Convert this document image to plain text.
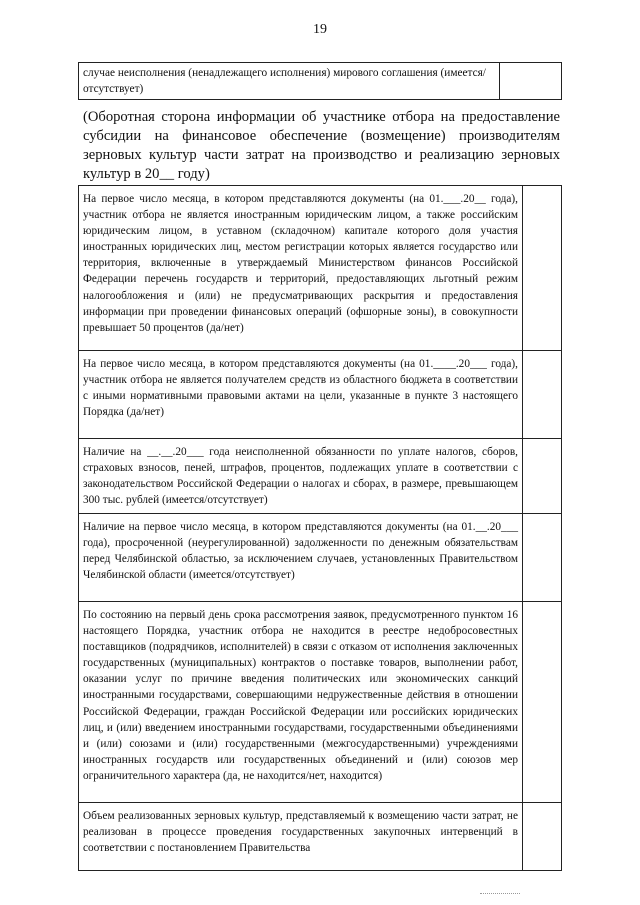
19
случае неисполнения (ненадлежащего исполнения) мирового соглашения (имеется/отсутствует)	
(Оборотная сторона информации об участнике отбора на предоставление субсидии на финансовое обеспечение (возмещение) производителям зерновых культур части затрат на производство и реализацию зерновых культур в 20__ году)
На первое число месяца, в котором представляются документы (на 01.___.20__ года), участник отбора не является иностранным юридическим лицом, а также российским юридическим лицом, в уставном (складочном) капитале которого доля участия иностранных юридических лиц, местом регистрации которых является государство или территория, включенные в утверждаемый Министерством финансов Российской Федерации перечень государств и территорий, предоставляющих льготный режим налогообложения и (или) не предусматривающих раскрытия и предоставления информации при проведении финансовых операций (офшорные зоны), в совокупности превышает 50 процентов (да/нет)	
На первое число месяца, в котором представляются документы (на 01.____.20___ года), участник отбора не является получателем средств из областного бюджета в соответствии с иными нормативными правовыми актами на цели, указанные в пункте 3 настоящего Порядка (да/нет)	
Наличие на __.__.20___ года неисполненной обязанности по уплате налогов, сборов, страховых взносов, пеней, штрафов, процентов, подлежащих уплате в соответствии с законодательством Российской Федерации о налогах и сборах, в размере, превышающем 300 тыс. рублей (имеется/отсутствует)	
Наличие на первое число месяца, в котором представляются документы (на 01.__.20___ года), просроченной (неурегулированной) задолженности по денежным обязательствам перед Челябинской областью, за исключением случаев, установленных Правительством Челябинской области (имеется/отсутствует)	
По состоянию на первый день срока рассмотрения заявок, предусмотренного пунктом 16 настоящего Порядка, участник отбора не находится в реестре недобросовестных поставщиков (подрядчиков, исполнителей) в связи с отказом от исполнения заключенных государственных (муниципальных) контрактов о поставке товаров, выполнении работ, оказании услуг по причине введения политических или экономических санкций иностранными государствами, совершающими недружественные действия в отношении Российской Федерации, граждан Российской Федерации или российских юридических лиц, и (или) введением иностранными государствами, государственными объединениями и (или) союзами и (или) государственными (межгосударственными) учреждениями иностранных государств или государственных объединений и (или) союзов мер ограничительного характера (да, не находится/нет, находится)	
Объем реализованных зерновых культур, представляемый к возмещению части затрат, не реализован в процессе проведения государственных закупочных интервенций в соответствии с постановлением Правительства	
